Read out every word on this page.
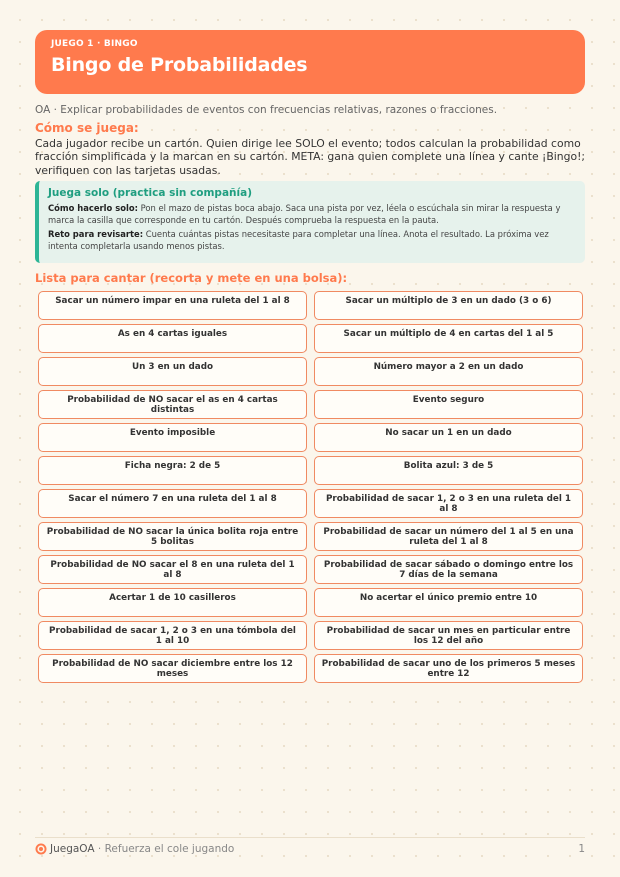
JUEGO 1 · BINGO
Bingo de Probabilidades
OA · Explicar probabilidades de eventos con frecuencias relativas, razones o fracciones.
Cómo se juega:

Cada jugador recibe un cartón. Quien dirige lee SOLO el evento; todos calculan la probabilidad como fracción simplificada y la marcan en su cartón. META: gana quien complete una línea y cante ¡Bingo!; verifiquen con las tarjetas usadas.

Juega solo (practica sin compañía)

Cómo hacerlo solo: Pon el mazo de pistas boca abajo. Saca una pista por vez, léela o escúchala sin mirar la respuesta y marca la casilla que corresponde en tu cartón. Después comprueba la respuesta en la pauta.

Reto para revisarte: Cuenta cuántas pistas necesitaste para completar una línea. Anota el resultado. La próxima vez intenta completarla usando menos pistas.

Lista para cantar (recorta y mete en una bolsa):
Sacar un número impar en una ruleta del 1 al 8	Sacar un múltiplo de 3 en un dado (3 o 6)
As en 4 cartas iguales	Sacar un múltiplo de 4 en cartas del 1 al 5
Un 3 en un dado	Número mayor a 2 en un dado
Probabilidad de NO sacar el as en 4 cartas distintas
Evento seguro
Evento imposible	No sacar un 1 en un dado
Ficha negra: 2 de 5	Bolita azul: 3 de 5
Sacar el número 7 en una ruleta del 1 al 8	Probabilidad de sacar 1, 2 o 3 en una ruleta del 1 al 8
Probabilidad de NO sacar la única bolita roja entre 5 bolitas
Probabilidad de sacar un número del 1 al 5 en una ruleta del 1 al 8
Probabilidad de NO sacar el 8 en una ruleta del 1 al 8
Probabilidad de sacar sábado o domingo entre los 7 días de la semana
Acertar 1 de 10 casilleros	No acertar el único premio entre 10
Probabilidad de sacar 1, 2 o 3 en una tómbola del 1 al 10
Probabilidad de sacar un mes en particular entre los 12 del año
Probabilidad de NO sacar diciembre entre los 12 meses
Probabilidad de sacar uno de los primeros 5 meses entre 12
JuegaOA · Refuerza el cole jugando	1
